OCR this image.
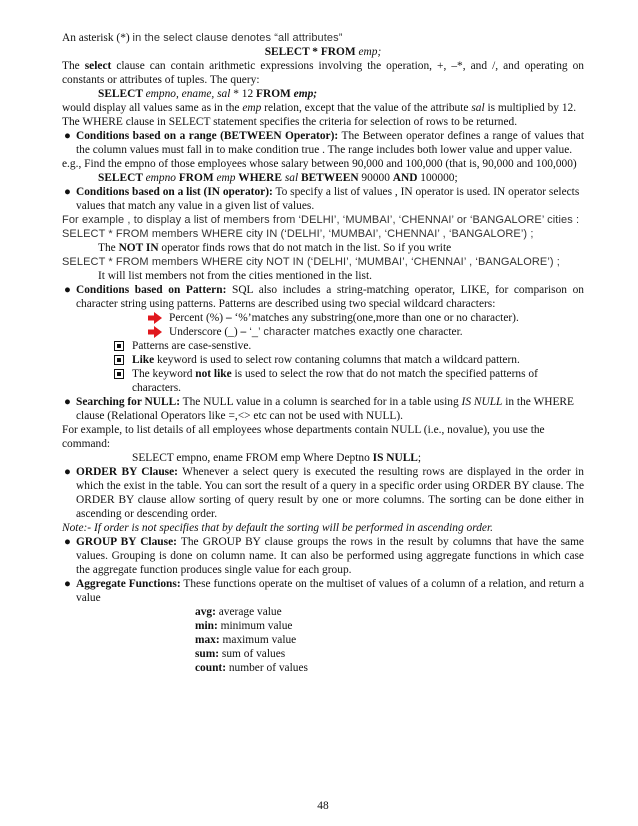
An asterisk (*) in the select clause denotes “all attributes”

SELECT * FROM emp;

The select clause can contain arithmetic expressions involving the operation, +, –*, and /, and operating on constants or attributes of tuples. The query:

SELECT empno, ename, sal * 12 FROM emp;

would display all values same as in the emp relation, except that the value of the attribute sal is multiplied by 12.

The WHERE clause in SELECT statement specifies the criteria for selection of rows to be returned.

● Conditions based on a range (BETWEEN Operator): The Between operator defines a range of values that the column values must fall in to make condition true . The range includes both lower value and upper value.

e.g., Find the empno of those employees whose salary between 90,000 and 100,000 (that is, 90,000 and 100,000)

SELECT empno FROM emp WHERE sal BETWEEN 90000 AND 100000;

● Conditions based on a list (IN operator): To specify a list of values , IN operator is used. IN operator selects values that match any value in a given list of values.

For example , to display a list of members from ‘DELHI’, ‘MUMBAI’, ‘CHENNAI’ or ‘BANGALORE’ cities :

SELECT * FROM members WHERE city IN (‘DELHI’, ‘MUMBAI’, ‘CHENNAI’ , ‘BANGALORE’) ;

The NOT IN operator finds rows that do not match in the list. So if you write

SELECT * FROM members WHERE city NOT IN (‘DELHI’, ‘MUMBAI’, ‘CHENNAI’ , ‘BANGALORE’) ;

It will list members not from the cities mentioned in the list.

● Conditions based on Pattern: SQL also includes a string-matching operator, LIKE, for comparison on character string using patterns. Patterns are described using two special wildcard characters:

Percent (%) – ‘%’matches any substring(one,more than one or no character).

Underscore (_) – ‘_’ character matches exactly one character.

Patterns are case-senstive.

Like keyword is used to select row contaning columns that match a wildcard pattern.

The keyword not like is used to select the row that do not match the specified patterns of characters.

● Searching for NULL: The NULL value in a column is searched for in a table using IS NULL in the WHERE clause (Relational Operators like =,<> etc can not be used with NULL).

For example, to list details of all employees whose departments contain NULL (i.e., novalue), you use the command:

SELECT empno, ename FROM emp Where Deptno IS NULL;

● ORDER BY Clause: Whenever a select query is executed the resulting rows are displayed in the order in which the exist in the table. You can sort the result of a query in a specific order using ORDER BY clause. The ORDER BY clause allow sorting of query result by one or more columns. The sorting can be done either in ascending or descending order.

Note:- If order is not specifies that by default the sorting will be performed in ascending order.

● GROUP BY Clause: The GROUP BY clause groups the rows in the result by columns that have the same values. Grouping is done on column name. It can also be performed using aggregate functions in which case the aggregate function produces single value for each group.

● Aggregate Functions: These functions operate on the multiset of values of a column of a relation, and return a value

avg: average value

min: minimum value

max: maximum value

sum: sum of values

count: number of values

48
